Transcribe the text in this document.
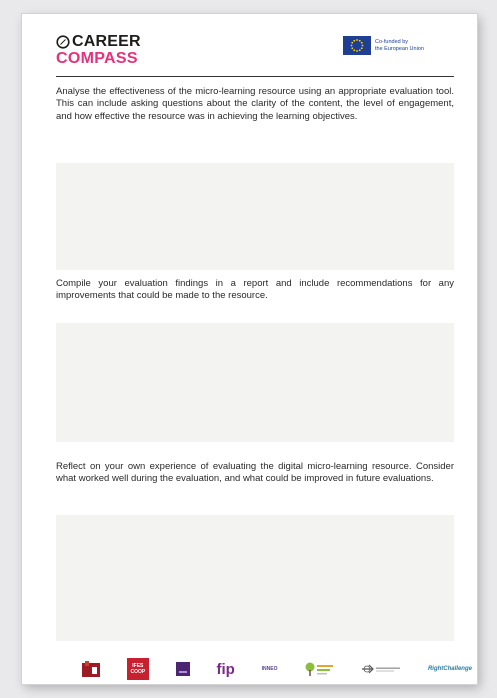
CAREER
COMPASS
Co-funded by
the European Union

Analyse the effectiveness of the micro-learning resource using an appropriate evaluation tool. This can include asking questions about the clarity of the content, the level of engagement, and how effective the resource was in achieving the learning objectives.

Compile your evaluation findings in a report and include recommendations for any improvements that could be made to the resource.

Reflect on your own experience of evaluating the digital micro-learning resource. Consider what worked well during the evaluation, and what could be improved in future evaluations.

IFES COOP	fip	INNEO	RightChallenge
